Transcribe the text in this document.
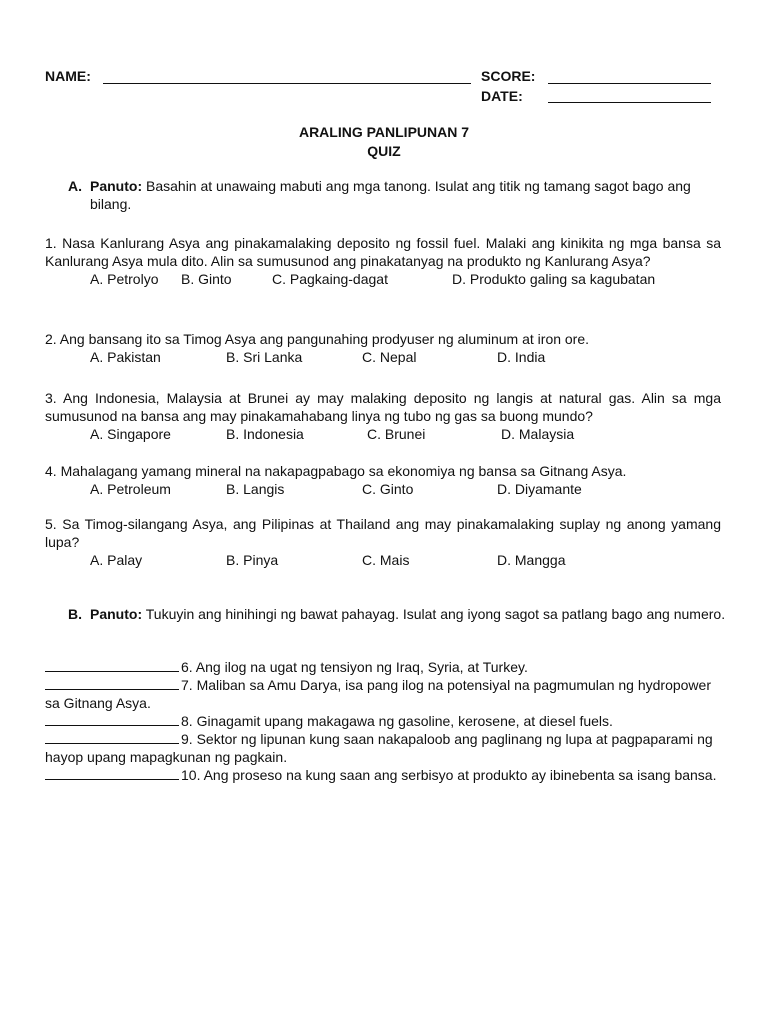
NAME:	SCORE:
DATE:
ARALING PANLIPUNAN 7
QUIZ
A. Panuto: Basahin at unawaing mabuti ang mga tanong. Isulat ang titik ng tamang sagot bago ang bilang.
1. Nasa Kanlurang Asya ang pinakamalaking deposito ng fossil fuel. Malaki ang kinikita ng mga bansa sa Kanlurang Asya mula dito. Alin sa sumusunod ang pinakatanyag na produkto ng Kanlurang Asya?
A. Petrolyo B. Ginto	C. Pagkaing-dagat	D. Produkto galing sa kagubatan
2. Ang bansang ito sa Timog Asya ang pangunahing prodyuser ng aluminum at iron ore.
A. Pakistan	B. Sri Lanka	C. Nepal	D. India
3. Ang Indonesia, Malaysia at Brunei ay may malaking deposito ng langis at natural gas. Alin sa mga sumusunod na bansa ang may pinakamahabang linya ng tubo ng gas sa buong mundo?
A. Singapore	B. Indonesia	C. Brunei	D. Malaysia
4. Mahalagang yamang mineral na nakapagpabago sa ekonomiya ng bansa sa Gitnang Asya.
A. Petroleum	B. Langis	C. Ginto	D. Diyamante
5. Sa Timog-silangang Asya, ang Pilipinas at Thailand ang may pinakamalaking suplay ng anong yamang lupa?
A. Palay	B. Pinya	C. Mais	D. Mangga
B. Panuto: Tukuyin ang hinihingi ng bawat pahayag. Isulat ang iyong sagot sa patlang bago ang numero.
6. Ang ilog na ugat ng tensiyon ng Iraq, Syria, at Turkey.
7. Maliban sa Amu Darya, isa pang ilog na potensiyal na pagmumulan ng hydropower sa Gitnang Asya.
8. Ginagamit upang makagawa ng gasoline, kerosene, at diesel fuels.
9. Sektor ng lipunan kung saan nakapaloob ang paglinang ng lupa at pagpaparami ng hayop upang mapagkunan ng pagkain.
10. Ang proseso na kung saan ang serbisyo at produkto ay ibinebenta sa isang bansa.
